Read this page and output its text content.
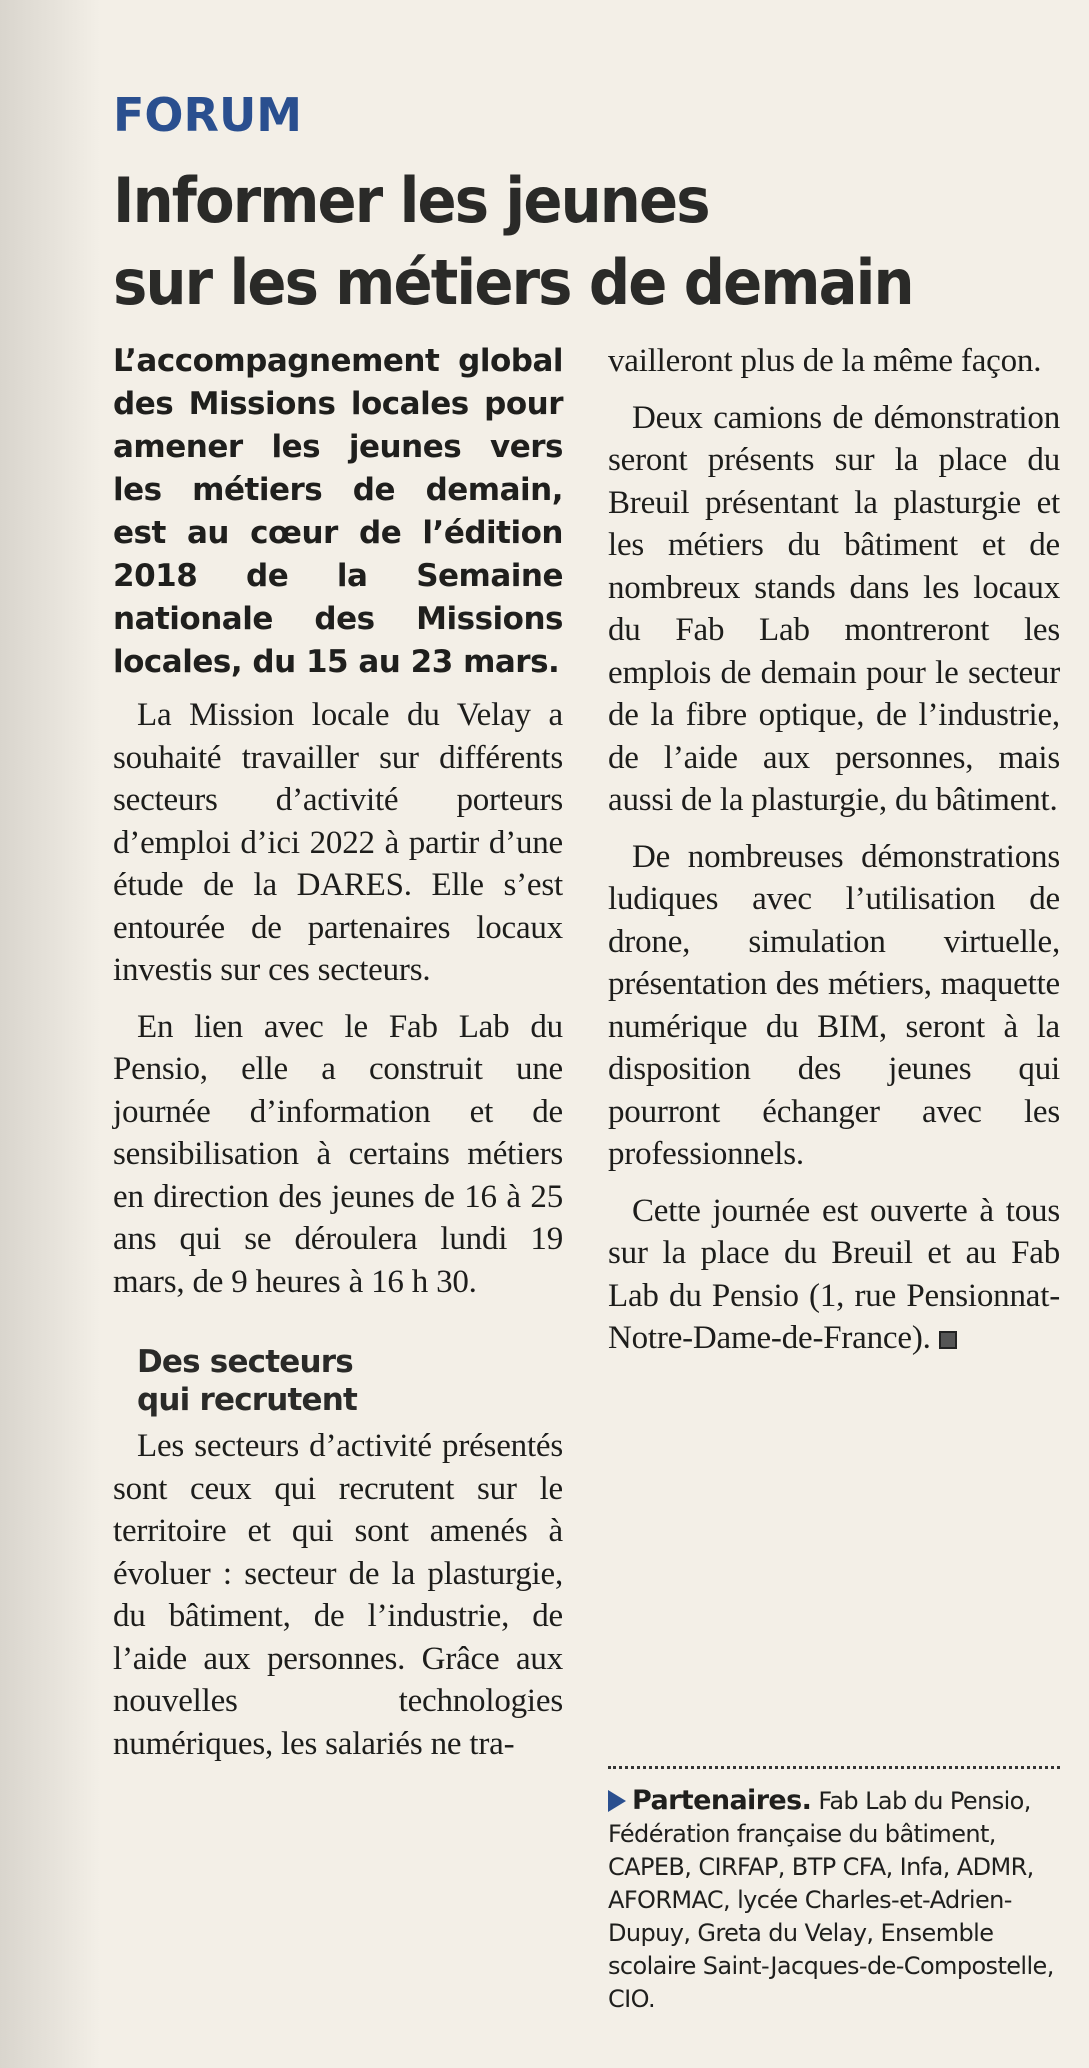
FORUM
Informer les jeunes
sur les métiers de demain

L’accompagnement global des Missions locales pour amener les jeunes vers les métiers de demain, est au cœur de l’édition 2018 de la Semaine nationale des Missions locales, du 15 au 23 mars.

La Mission locale du Velay a souhaité travailler sur différents secteurs d’activité porteurs d’emploi d’ici 2022 à partir d’une étude de la DARES. Elle s’est entourée de partenaires locaux investis sur ces secteurs.

En lien avec le Fab Lab du Pensio, elle a construit une journée d’information et de sensibilisation à certains métiers en direction des jeunes de 16 à 25 ans qui se déroulera lundi 19 mars, de 9 heures à 16 h 30.

Des secteurs
qui recrutent

Les secteurs d’activité présentés sont ceux qui recrutent sur le territoire et qui sont amenés à évoluer : secteur de la plasturgie, du bâtiment, de l’industrie, de l’aide aux personnes. Grâce aux nouvelles technologies numériques, les salariés ne tra-

vailleront plus de la même façon.

Deux camions de démonstration seront présents sur la place du Breuil présentant la plasturgie et les métiers du bâtiment et de nombreux stands dans les locaux du Fab Lab montreront les emplois de demain pour le secteur de la fibre optique, de l’industrie, de l’aide aux personnes, mais aussi de la plasturgie, du bâtiment.

De nombreuses démonstrations ludiques avec l’utilisation de drone, simulation virtuelle, présentation des métiers, maquette numérique du BIM, seront à la disposition des jeunes qui pourront échanger avec les professionnels.

Cette journée est ouverte à tous sur la place du Breuil et au Fab Lab du Pensio (1, rue Pensionnat-Notre-Dame-de-France).

Partenaires. Fab Lab du Pensio, Fédération française du bâtiment, CAPEB, CIRFAP, BTP CFA, Infa, ADMR, AFORMAC, lycée Charles-et-Adrien-Dupuy, Greta du Velay, Ensemble scolaire Saint-Jacques-de-Compostelle, CIO.
